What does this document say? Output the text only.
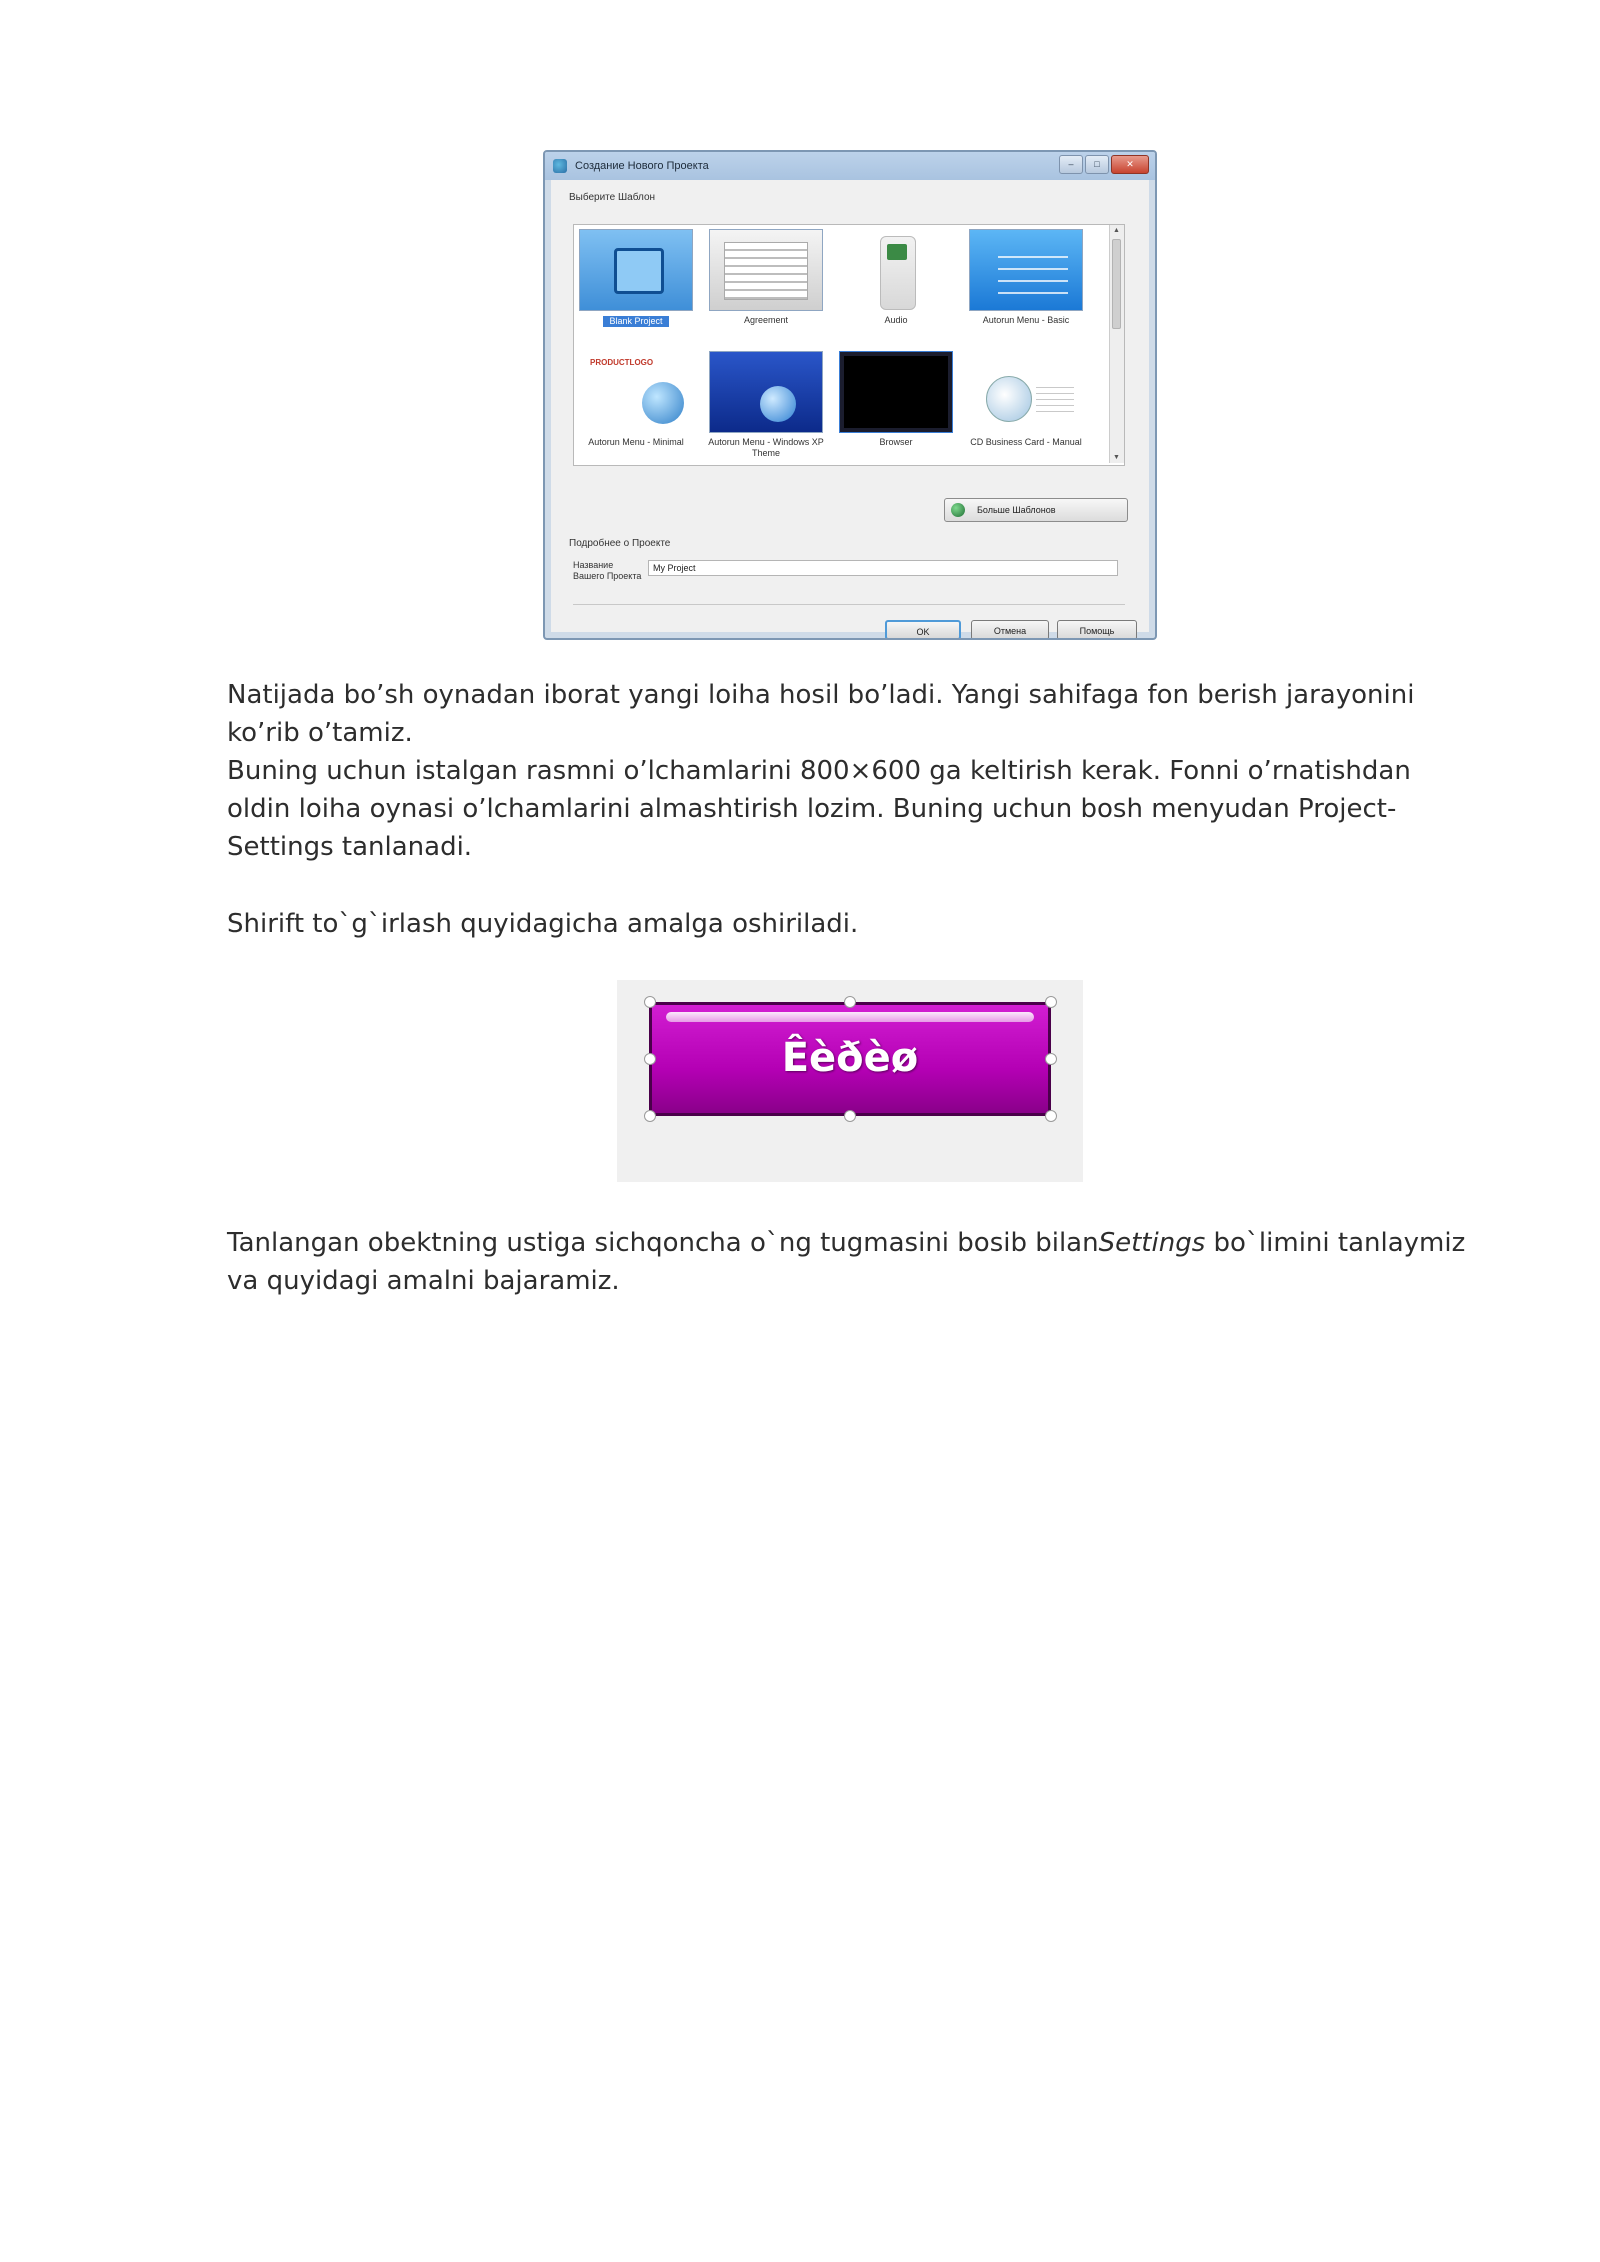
Создание Нового Проекта	–	□	✕
Выберите Шаблон
Blank Project	Agreement	Audio	Autorun Menu - Basic
PRODUCTLOGO
Autorun Menu - Minimal	Autorun Menu - Windows XP Theme
Browser	CD Business Card - Manual
▲
▼
Больше Шаблонов
Подробнее о Проекте
Название Вашего Проекта
My Project
OK	Отмена	Помощь

Natijada bo’sh oynadan iborat yangi loiha hosil bo’ladi. Yangi sahifaga fon berish jarayonini
ko’rib o’tamiz.
Buning uchun istalgan rasmni o’lchamlarini 800×600 ga keltirish kerak. Fonni o’rnatishdan
oldin loiha oynasi o’lchamlarini almashtirish lozim. Buning uchun bosh menyudan Project-
Settings tanlanadi.

Shirift to`g`irlash quyidagicha amalga oshiriladi.

Êèðèø

Tanlangan obektning ustiga sichqoncha o`ng tugmasini bosib bilanSettings bo`limini tanlaymiz
va quyidagi amalni bajaramiz.
